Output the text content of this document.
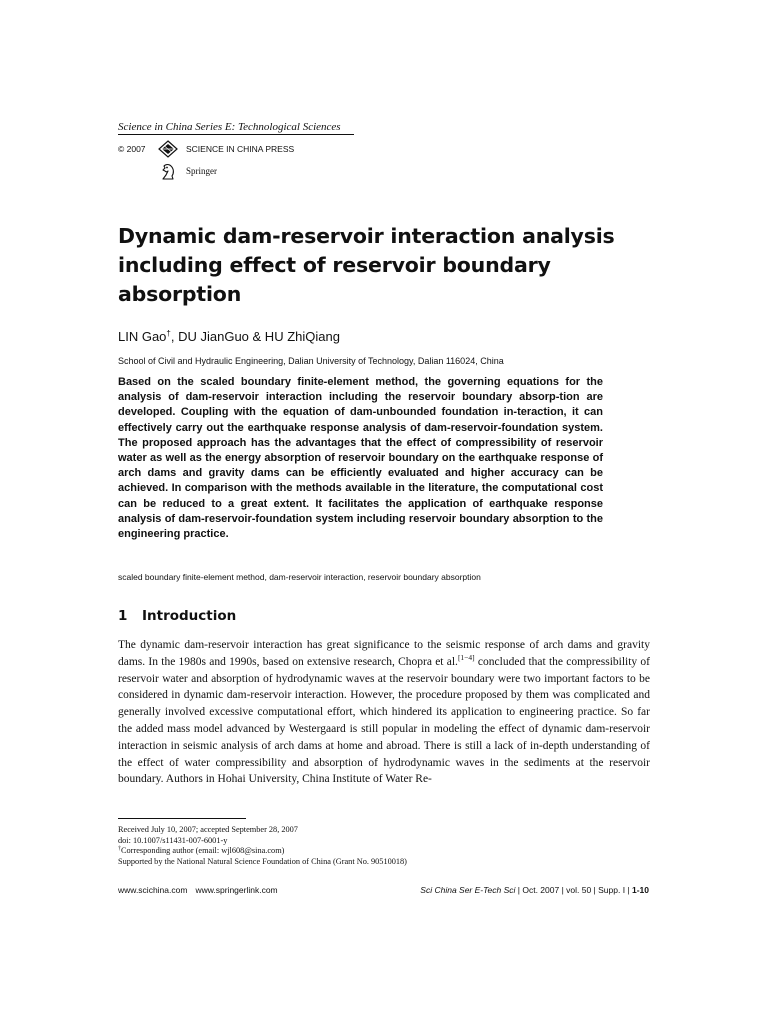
Science in China Series E: Technological Sciences
© 2007	SCIENCE IN CHINA PRESS
Springer
Dynamic dam-reservoir interaction analysis including effect of reservoir boundary absorption
LIN Gao†, DU JianGuo & HU ZhiQiang
School of Civil and Hydraulic Engineering, Dalian University of Technology, Dalian 116024, China

Based on the scaled boundary finite-element method, the governing equations for the analysis of dam-reservoir interaction including the reservoir boundary absorp-tion are developed. Coupling with the equation of dam-unbounded foundation in-teraction, it can effectively carry out the earthquake response analysis of dam-reservoir-foundation system. The proposed approach has the advantages that the effect of compressibility of reservoir water as well as the energy absorption of reservoir boundary on the earthquake response of arch dams and gravity dams can be efficiently evaluated and higher accuracy can be achieved. In comparison with the methods available in the literature, the computational cost can be reduced to a great extent. It facilitates the application of earthquake response analysis of dam-reservoir-foundation system including reservoir boundary absorption to the engineering practice.

scaled boundary finite-element method, dam-reservoir interaction, reservoir boundary absorption
1 Introduction

The dynamic dam-reservoir interaction has great significance to the seismic response of arch dams and gravity dams. In the 1980s and 1990s, based on extensive research, Chopra et al.[1−4] concluded that the compressibility of reservoir water and absorption of hydrodynamic waves at the reservoir boundary were two important factors to be considered in dynamic dam-reservoir interaction. However, the procedure proposed by them was complicated and generally involved excessive computational effort, which hindered its application to engineering practice. So far the added mass model advanced by Westergaard is still popular in modeling the effect of dynamic dam-reservoir interaction in seismic analysis of arch dams at home and abroad. There is still a lack of in-depth understanding of the effect of water compressibility and absorption of hydrodynamic waves in the sediments at the reservoir boundary. Authors in Hohai University, China Institute of Water Re-

Received July 10, 2007; accepted September 28, 2007
doi: 10.1007/s11431-007-6001-y
†Corresponding author (email: wjl608@sina.com)
Supported by the National Natural Science Foundation of China (Grant No. 90510018)
www.scichina.com www.springerlink.com	Sci China Ser E-Tech Sci | Oct. 2007 | vol. 50 | Supp. I | 1-10
